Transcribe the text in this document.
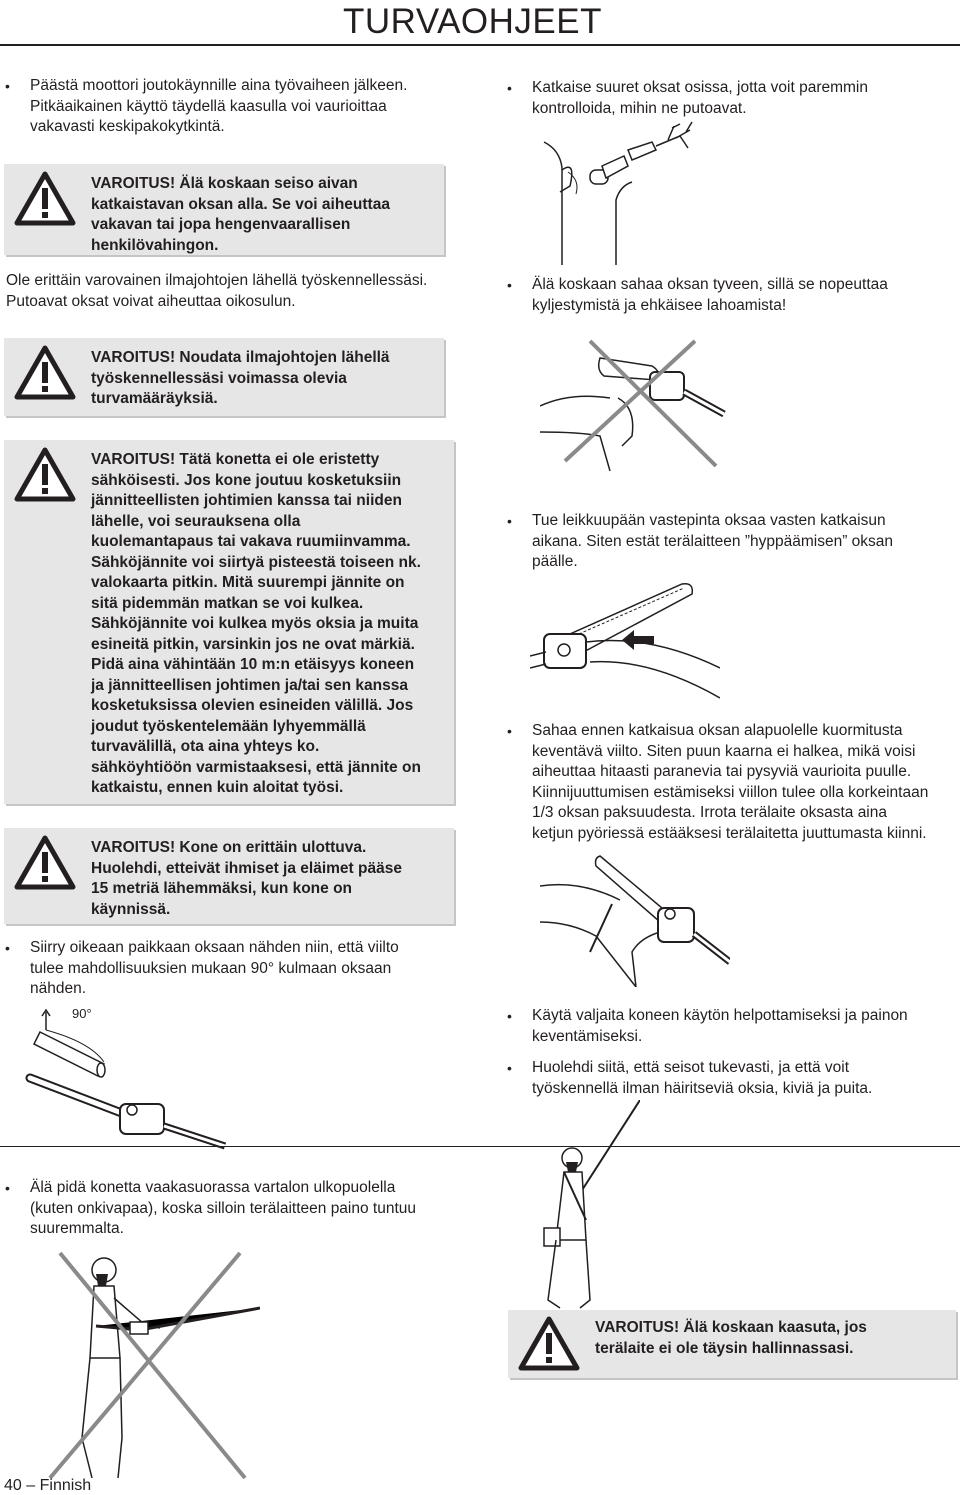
TURVAOHJEET
• Päästä moottori joutokäynnille aina työvaiheen jälkeen.
Pitkäaikainen käyttö täydellä kaasulla voi vaurioittaa
vakavasti keskipakokytkintä.
VAROITUS! Älä koskaan seiso aivan
katkaistavan oksan alla. Se voi aiheuttaa
vakavan tai jopa hengenvaarallisen
henkilövahingon.
Ole erittäin varovainen ilmajohtojen lähellä työskennellessäsi.
Putoavat oksat voivat aiheuttaa oikosulun.
VAROITUS! Noudata ilmajohtojen lähellä
työskennellessäsi voimassa olevia
turvamääräyksiä.
VAROITUS! Tätä konetta ei ole eristetty
sähköisesti. Jos kone joutuu kosketuksiin
jännitteellisten johtimien kanssa tai niiden
lähelle, voi seurauksena olla
kuolemantapaus tai vakava ruumiinvamma.
Sähköjännite voi siirtyä pisteestä toiseen nk.
valokaarta pitkin. Mitä suurempi jännite on
sitä pidemmän matkan se voi kulkea.
Sähköjännite voi kulkea myös oksia ja muita
esineitä pitkin, varsinkin jos ne ovat märkiä.
Pidä aina vähintään 10 m:n etäisyys koneen
ja jännitteellisen johtimen ja/tai sen kanssa
kosketuksissa olevien esineiden välillä. Jos
joudut työskentelemään lyhyemmällä
turvavälillä, ota aina yhteys ko.
sähköyhtiöön varmistaaksesi, että jännite on
katkaistu, ennen kuin aloitat työsi.
VAROITUS! Kone on erittäin ulottuva.
Huolehdi, etteivät ihmiset ja eläimet pääse
15 metriä lähemmäksi, kun kone on
käynnissä.
• Siirry oikeaan paikkaan oksaan nähden niin, että viilto
tulee mahdollisuuksien mukaan 90° kulmaan oksaan
nähden.
90°
• Katkaise suuret oksat osissa, jotta voit paremmin
kontrolloida, mihin ne putoavat.
• Älä koskaan sahaa oksan tyveen, sillä se nopeuttaa
kyljestymistä ja ehkäisee lahoamista!
• Tue leikkuupään vastepinta oksaa vasten katkaisun
aikana. Siten estät terälaitteen ”hyppäämisen” oksan
päälle.
• Sahaa ennen katkaisua oksan alapuolelle kuormitusta
keventävä viilto. Siten puun kaarna ei halkea, mikä voisi
aiheuttaa hitaasti paranevia tai pysyviä vaurioita puulle.
Kiinnijuuttumisen estämiseksi viillon tulee olla korkeintaan
1/3 oksan paksuudesta. Irrota terälaite oksasta aina
ketjun pyöriessä estääksesi terälaitetta juuttumasta kiinni.
• Käytä valjaita koneen käytön helpottamiseksi ja painon
keventämiseksi.
• Huolehdi siitä, että seisot tukevasti, ja että voit
työskennellä ilman häiritseviä oksia, kiviä ja puita.
• Älä pidä konetta vaakasuorassa vartalon ulkopuolella
(kuten onkivapaa), koska silloin terälaitteen paino tuntuu
suuremmalta.
VAROITUS! Älä koskaan kaasuta, jos
terälaite ei ole täysin hallinnassasi.
40 – Finnish
